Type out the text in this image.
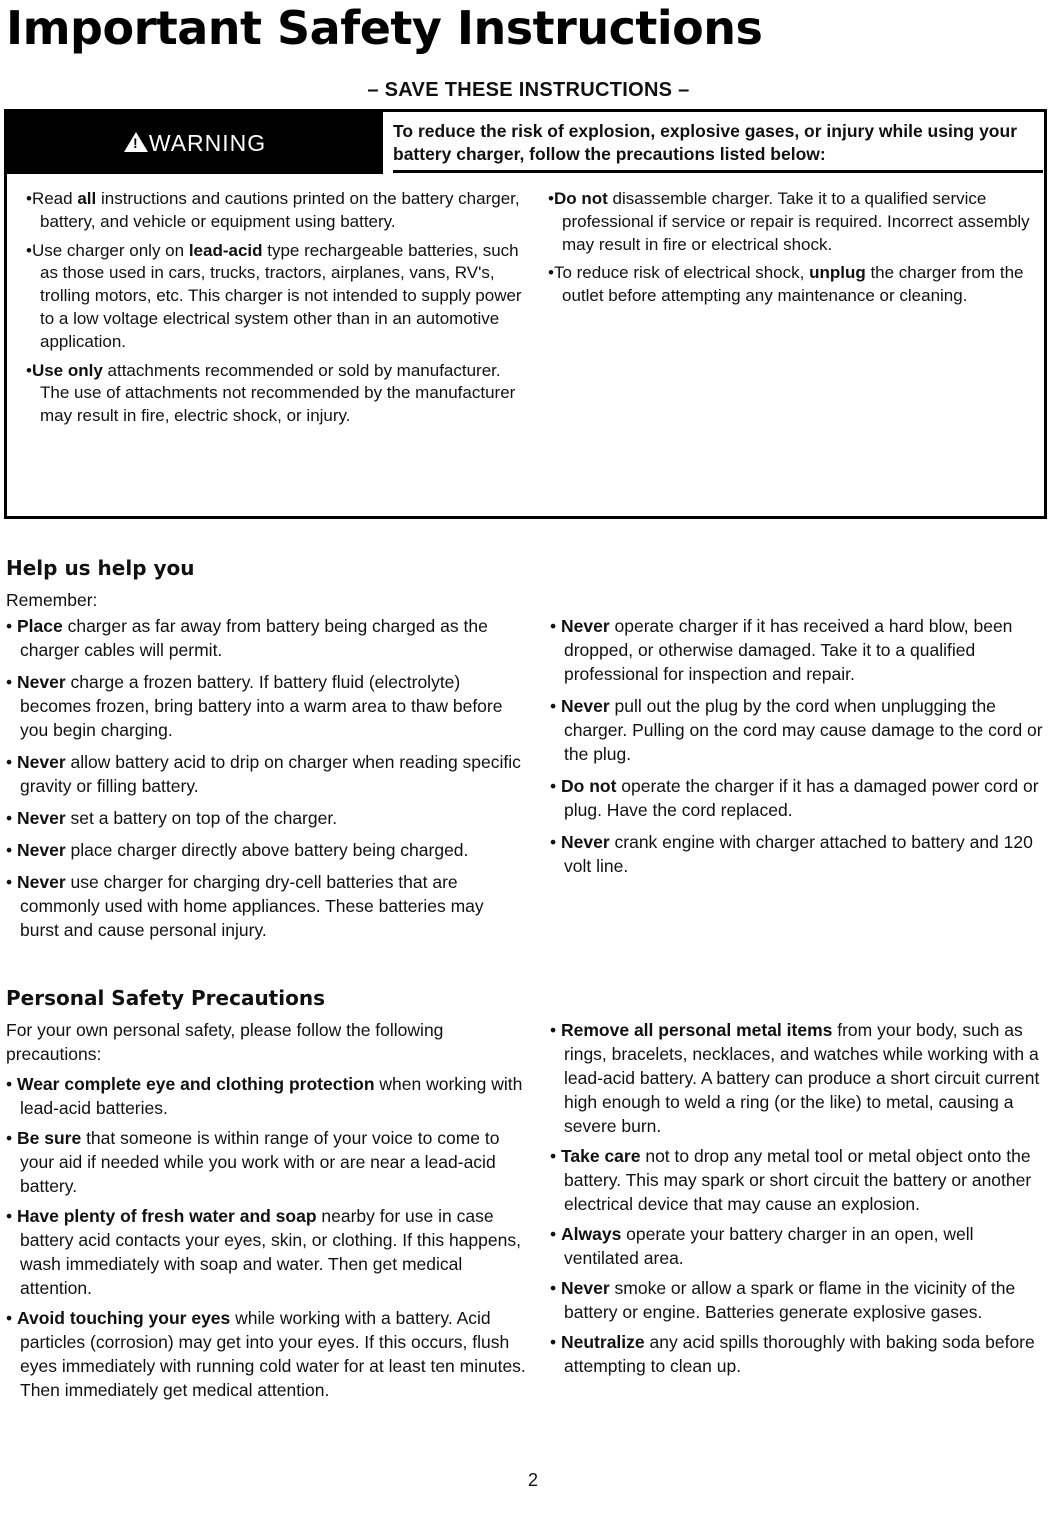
Important Safety Instructions
– SAVE THESE INSTRUCTIONS –
! WARNING	To reduce the risk of explosion, explosive gases, or injury while using your battery charger, follow the precautions listed below:

•Read all instructions and cautions printed on the battery charger, battery, and vehicle or equipment using battery.

•Use charger only on lead-acid type rechargeable batteries, such as those used in cars, trucks, tractors, airplanes, vans, RV's, trolling motors, etc. This charger is not intended to supply power to a low voltage electrical system other than in an automotive application.

•Use only attachments recommended or sold by manufacturer. The use of attachments not recommended by the manufacturer may result in fire, electric shock, or injury.

•Do not disassemble charger. Take it to a qualified service professional if service or repair is required. Incorrect assembly may result in fire or electrical shock.

•To reduce risk of electrical shock, unplug the charger from the outlet before attempting any maintenance or cleaning.

Help us help you

Remember:

• Place charger as far away from battery being charged as the charger cables will permit.

• Never charge a frozen battery. If battery fluid (electrolyte) becomes frozen, bring battery into a warm area to thaw before you begin charging.

• Never allow battery acid to drip on charger when reading specific gravity or filling battery.

• Never set a battery on top of the charger.

• Never place charger directly above battery being charged.

• Never use charger for charging dry-cell batteries that are commonly used with home appliances. These batteries may burst and cause personal injury.

• Never operate charger if it has received a hard blow, been dropped, or otherwise damaged. Take it to a qualified professional for inspection and repair.

• Never pull out the plug by the cord when unplugging the charger. Pulling on the cord may cause damage to the cord or the plug.

• Do not operate the charger if it has a damaged power cord or plug. Have the cord replaced.

• Never crank engine with charger attached to battery and 120 volt line.

Personal Safety Precautions

For your own personal safety, please follow the following precautions:

• Wear complete eye and clothing protection when working with lead-acid batteries.

• Be sure that someone is within range of your voice to come to your aid if needed while you work with or are near a lead-acid battery.

• Have plenty of fresh water and soap nearby for use in case battery acid contacts your eyes, skin, or clothing. If this happens, wash immediately with soap and water. Then get medical attention.

• Avoid touching your eyes while working with a battery. Acid particles (corrosion) may get into your eyes. If this occurs, flush eyes immediately with running cold water for at least ten minutes. Then immediately get medical attention.

• Remove all personal metal items from your body, such as rings, bracelets, necklaces, and watches while working with a lead-acid battery. A battery can produce a short circuit current high enough to weld a ring (or the like) to metal, causing a severe burn.

• Take care not to drop any metal tool or metal object onto the battery. This may spark or short circuit the battery or another electrical device that may cause an explosion.

• Always operate your battery charger in an open, well ventilated area.

• Never smoke or allow a spark or flame in the vicinity of the battery or engine. Batteries generate explosive gases.

• Neutralize any acid spills thoroughly with baking soda before attempting to clean up.

2
